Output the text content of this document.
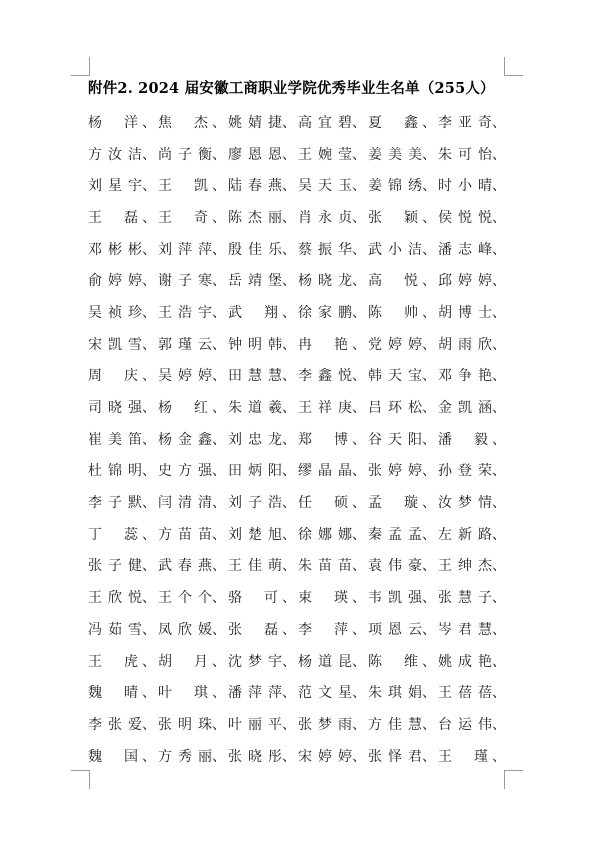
附件2. 2024 届安徽工商职业学院优秀毕业生名单（255人）
杨 洋 、 焦 杰 、 姚 婧 捷 、 高 宜 碧 、 夏 鑫 、 李 亚 奇 、
方 汝 洁 、 尚 子 衡 、 廖 恩 恩 、 王 婉 莹 、 姜 美 美 、 朱 可 怡 、
刘 星 宇 、 王 凯 、 陆 春 燕 、 吴 天 玉 、 姜 锦 绣 、 时 小 晴 、
王 磊 、 王 奇 、 陈 杰 丽 、 肖 永 贞 、 张 颖 、 侯 悦 悦 、
邓 彬 彬 、 刘 萍 萍 、 殷 佳 乐 、 蔡 振 华 、 武 小 洁 、 潘 志 峰 、
俞 婷 婷 、 谢 子 寒 、 岳 靖 堡 、 杨 晓 龙 、 高 悦 、 邱 婷 婷 、
吴 祯 珍 、 王 浩 宇 、 武 翔 、 徐 家 鹏 、 陈 帅 、 胡 博 士 、
宋 凯 雪 、 郭 瑾 云 、 钟 明 韩 、 冉 艳 、 党 婷 婷 、 胡 雨 欣 、
周 庆 、 吴 婷 婷 、 田 慧 慧 、 李 鑫 悦 、 韩 天 宝 、 邓 争 艳 、
司 晓 强 、 杨 红 、 朱 道 羲 、 王 祥 庚 、 吕 环 松 、 金 凯 涵 、
崔 美 笛 、 杨 金 鑫 、 刘 忠 龙 、 郑 博 、 谷 天 阳 、 潘 毅 、
杜 锦 明 、 史 方 强 、 田 炳 阳 、 缪 晶 晶 、 张 婷 婷 、 孙 登 荣 、
李 子 默 、 闫 清 清 、 刘 子 浩 、 任 硕 、 孟 璇 、 汝 梦 情 、
丁 蕊 、 方 苗 苗 、 刘 楚 旭 、 徐 娜 娜 、 秦 孟 孟 、 左 新 路 、
张 子 健 、 武 春 燕 、 王 佳 萌 、 朱 苗 苗 、 袁 伟 豪 、 王 绅 杰 、
王 欣 悦 、 王 个 个 、 骆 可 、 束 瑛 、 韦 凯 强 、 张 慧 子 、
冯 茹 雪 、 凤 欣 媛 、 张 磊 、 李 萍 、 项 恩 云 、 岑 君 慧 、
王 虎 、 胡 月 、 沈 梦 宇 、 杨 道 昆 、 陈 维 、 姚 成 艳 、
魏 晴 、 叶 琪 、 潘 萍 萍 、 范 文 星 、 朱 琪 娟 、 王 蓓 蓓 、
李 张 爱 、 张 明 珠 、 叶 丽 平 、 张 梦 雨 、 方 佳 慧 、 台 运 伟 、
魏 国 、 方 秀 丽 、 张 晓 彤 、 宋 婷 婷 、 张 怿 君 、 王 瑾 、
